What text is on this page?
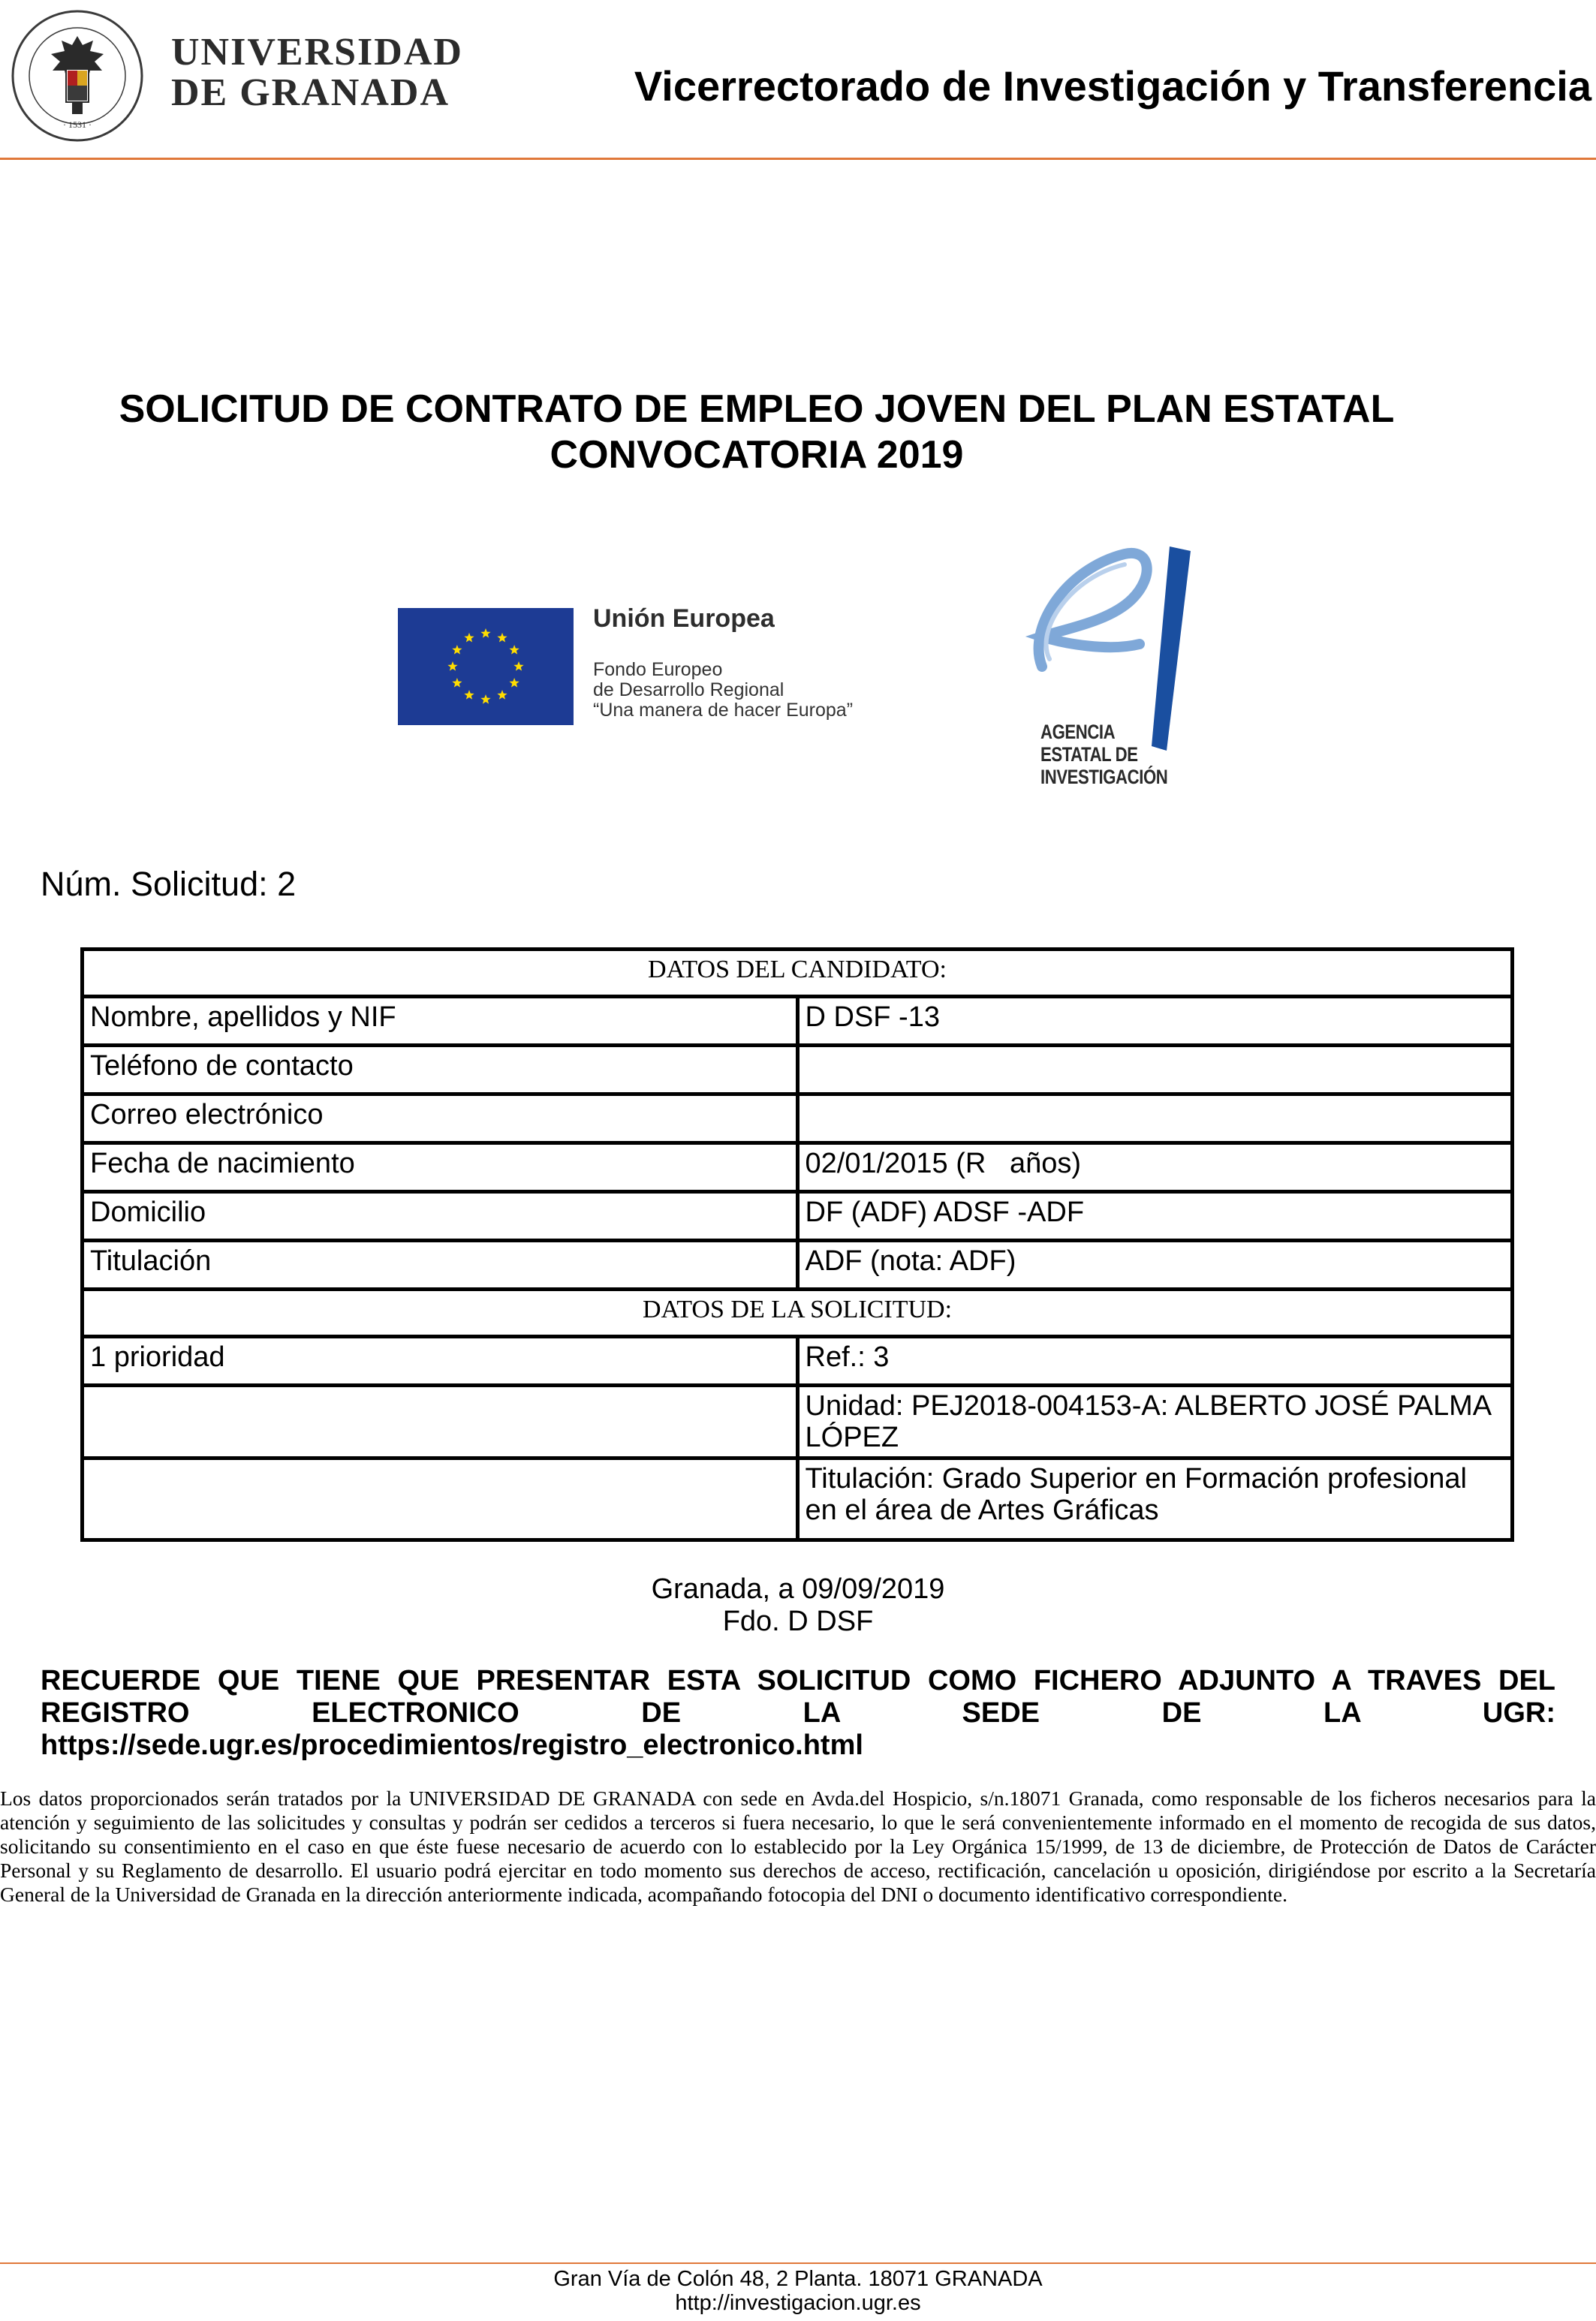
· 1531 ·
UNIVERSIDAD
DE GRANADA	Vicerrectorado de Investigación y Transferencia
SOLICITUD DE CONTRATO DE EMPLEO JOVEN DEL PLAN ESTATAL
CONVOCATORIA 2019
Unión Europea
Fondo Europeo
de Desarrollo Regional
“Una manera de hacer Europa”
AGENCIA
ESTATAL DE
INVESTIGACIÓN
Núm. Solicitud: 2
DATOS DEL CANDIDATO:	
Nombre, apellidos y NIF	D DSF -13
Teléfono de contacto	
Correo electrónico	
Fecha de nacimiento	02/01/2015 (R   años)
Domicilio	DF (ADF) ADSF -ADF
Titulación	ADF (nota: ADF)
DATOS DE LA SOLICITUD:	
1 prioridad	Ref.: 3
	Unidad: PEJ2018-004153-A: ALBERTO JOSÉ PALMA LÓPEZ
	Titulación: Grado Superior en Formación profesional en el área de Artes Gráficas
Granada, a 09/09/2019
Fdo. D DSF
RECUERDE QUE TIENE QUE PRESENTAR ESTA SOLICITUD COMO FICHERO ADJUNTO A TRAVES DEL REGISTRO ELECTRONICO DE LA SEDE DE LA UGR:
https://sede.ugr.es/procedimientos/registro_electronico.html
Los datos proporcionados serán tratados por la UNIVERSIDAD DE GRANADA con sede en Avda.del Hospicio, s/n.18071 Granada, como responsable de los ficheros necesarios para la atención y seguimiento de las solicitudes y consultas y podrán ser cedidos a terceros si fuera necesario, lo que le será convenientemente informado en el momento de recogida de sus datos, solicitando su consentimiento en el caso en que éste fuese necesario de acuerdo con lo establecido por la Ley Orgánica 15/1999, de 13 de diciembre, de Protección de Datos de Carácter Personal y su Reglamento de desarrollo. El usuario podrá ejercitar en todo momento sus derechos de acceso, rectificación, cancelación u oposición, dirigiéndose por escrito a la Secretaría General de la Universidad de Granada en la dirección anteriormente indicada, acompañando fotocopia del DNI o documento identificativo correspondiente.
Gran Vía de Colón 48, 2 Planta. 18071 GRANADA
http://investigacion.ugr.es
